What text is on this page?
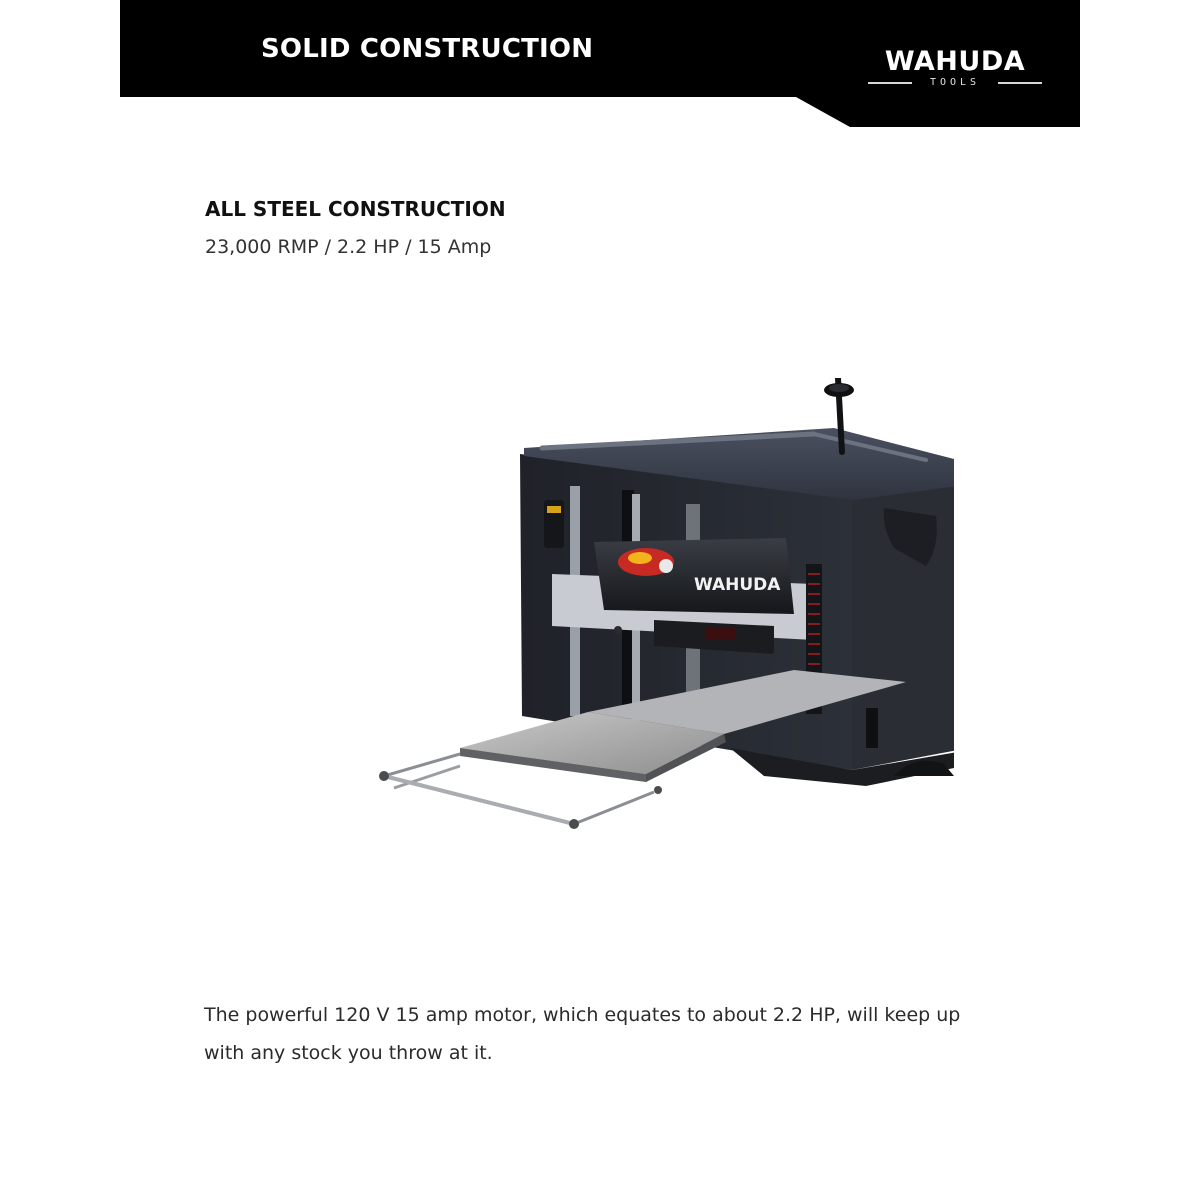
SOLID CONSTRUCTION	WAHUDA
TOOLS
ALL STEEL CONSTRUCTION
23,000 RMP / 2.2 HP / 15 Amp
WAHUDA
The powerful 120 V 15 amp motor, which equates to about 2.2 HP, will keep up with any stock you throw at it.
